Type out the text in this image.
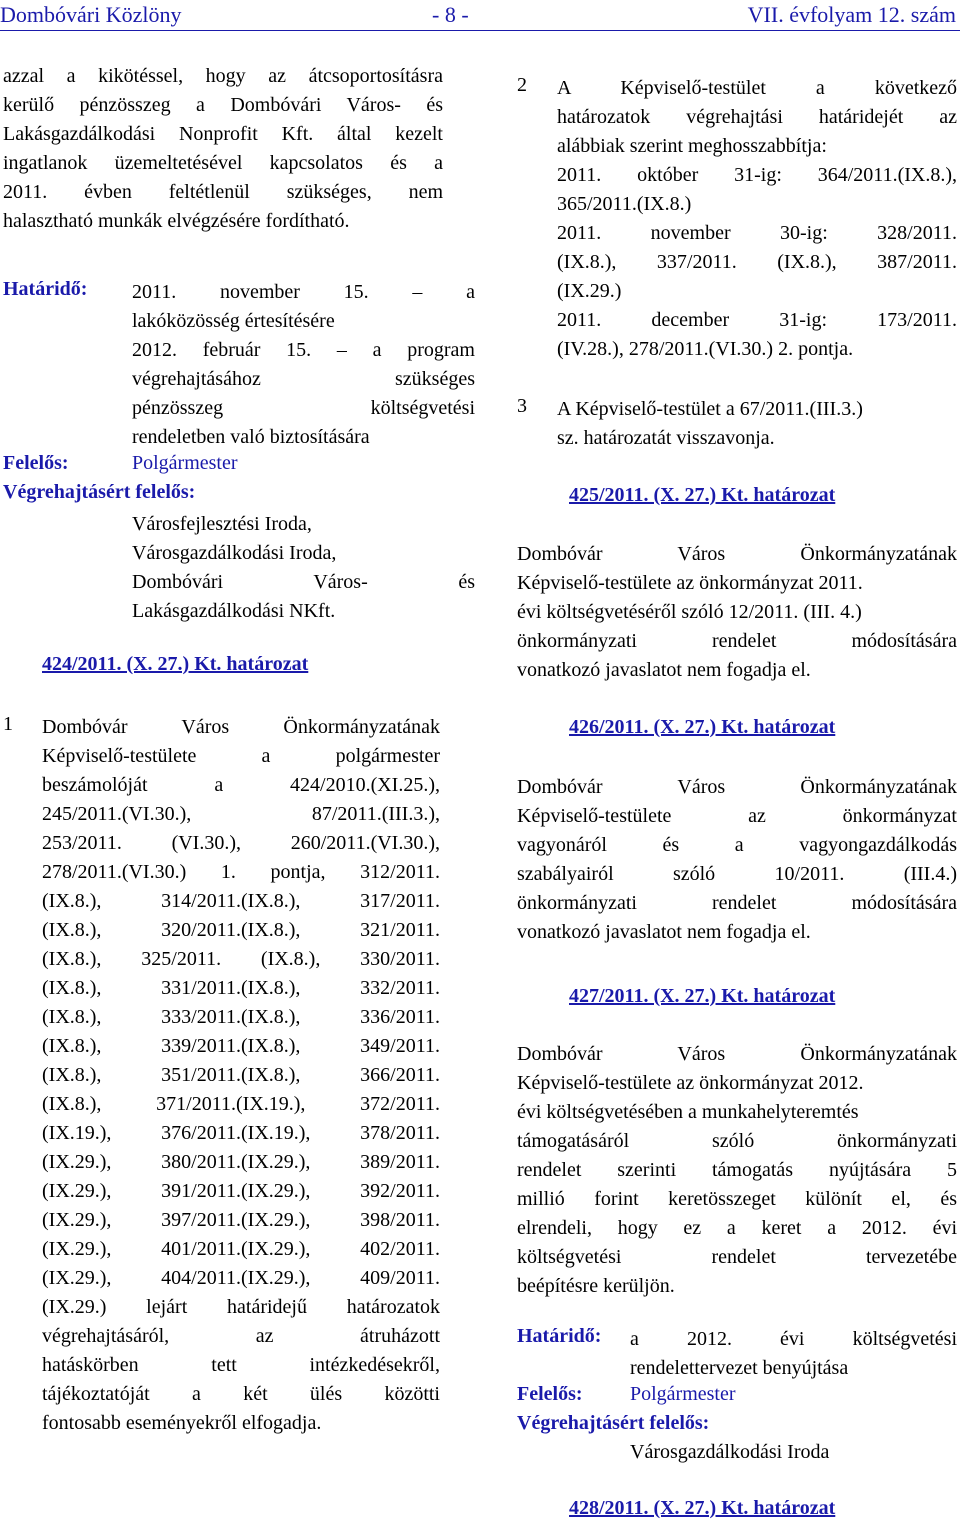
Dombóvári Közlöny	- 8 -	VII. évfolyam 12. szám
azzal a kikötéssel, hogy az átcsoportosításra
kerülő pénzösszeg a Dombóvári Város- és
Lakásgazdálkodási Nonprofit Kft. által kezelt
ingatlanok üzemeltetésével kapcsolatos és a
2011. évben feltétlenül szükséges, nem
halasztható munkák elvégzésére fordítható.
Határidő: 2011. november 15. – a
lakóközösség értesítésére
2012. február 15. – a program
végrehajtásához szükséges
pénzösszeg költségvetési
rendeletben való biztosítására
Felelős:	Polgármester
Végrehajtásért felelős:
Városfejlesztési Iroda,
Városgazdálkodási Iroda,
Dombóvári Város- és
Lakásgazdálkodási NKft.
424/2011. (X. 27.) Kt. határozat
1 Dombóvár Város Önkormányzatának
Képviselő-testülete a polgármester
beszámolóját a 424/2010.(XI.25.),
245/2011.(VI.30.), 87/2011.(III.3.),
253/2011. (VI.30.), 260/2011.(VI.30.),
278/2011.(VI.30.) 1. pontja, 312/2011.
(IX.8.), 314/2011.(IX.8.), 317/2011.
(IX.8.), 320/2011.(IX.8.), 321/2011.
(IX.8.), 325/2011. (IX.8.), 330/2011.
(IX.8.), 331/2011.(IX.8.), 332/2011.
(IX.8.), 333/2011.(IX.8.), 336/2011.
(IX.8.), 339/2011.(IX.8.), 349/2011.
(IX.8.), 351/2011.(IX.8.), 366/2011.
(IX.8.), 371/2011.(IX.19.), 372/2011.
(IX.19.), 376/2011.(IX.19.), 378/2011.
(IX.29.), 380/2011.(IX.29.), 389/2011.
(IX.29.), 391/2011.(IX.29.), 392/2011.
(IX.29.), 397/2011.(IX.29.), 398/2011.
(IX.29.), 401/2011.(IX.29.), 402/2011.
(IX.29.), 404/2011.(IX.29.), 409/2011.
(IX.29.) lejárt határidejű határozatok
végrehajtásáról, az átruházott
hatáskörben tett intézkedésekről,
tájékoztatóját a két ülés közötti
fontosabb eseményekről elfogadja.
2 A Képviselő-testület a következő
határozatok végrehajtási határidejét az
alábbiak szerint meghosszabbítja:
2011. október 31-ig: 364/2011.(IX.8.),
365/2011.(IX.8.)
2011. november 30-ig: 328/2011.
(IX.8.), 337/2011. (IX.8.), 387/2011.
(IX.29.)
2011. december 31-ig: 173/2011.
(IV.28.), 278/2011.(VI.30.) 2. pontja.
3 A Képviselő-testület a 67/2011.(III.3.)
sz. határozatát visszavonja.
425/2011. (X. 27.) Kt. határozat
Dombóvár Város Önkormányzatának
Képviselő-testülete az önkormányzat 2011.
évi költségvetéséről szóló 12/2011. (III. 4.)
önkormányzati rendelet módosítására
vonatkozó javaslatot nem fogadja el.
426/2011. (X. 27.) Kt. határozat
Dombóvár Város Önkormányzatának
Képviselő-testülete az önkormányzat
vagyonáról és a vagyongazdálkodás
szabályairól szóló 10/2011. (III.4.)
önkormányzati rendelet módosítására
vonatkozó javaslatot nem fogadja el.
427/2011. (X. 27.) Kt. határozat
Dombóvár Város Önkormányzatának
Képviselő-testülete az önkormányzat 2012.
évi költségvetésében a munkahelyteremtés
támogatásáról szóló önkormányzati
rendelet szerinti támogatás nyújtására 5
millió forint keretösszeget különít el, és
elrendeli, hogy ez a keret a 2012. évi
költségvetési rendelet tervezetébe
beépítésre kerüljön.
Határidő: a 2012. évi költségvetési
rendelettervezet benyújtása
Felelős: Polgármester
Végrehajtásért felelős:
Városgazdálkodási Iroda
428/2011. (X. 27.) Kt. határozat
